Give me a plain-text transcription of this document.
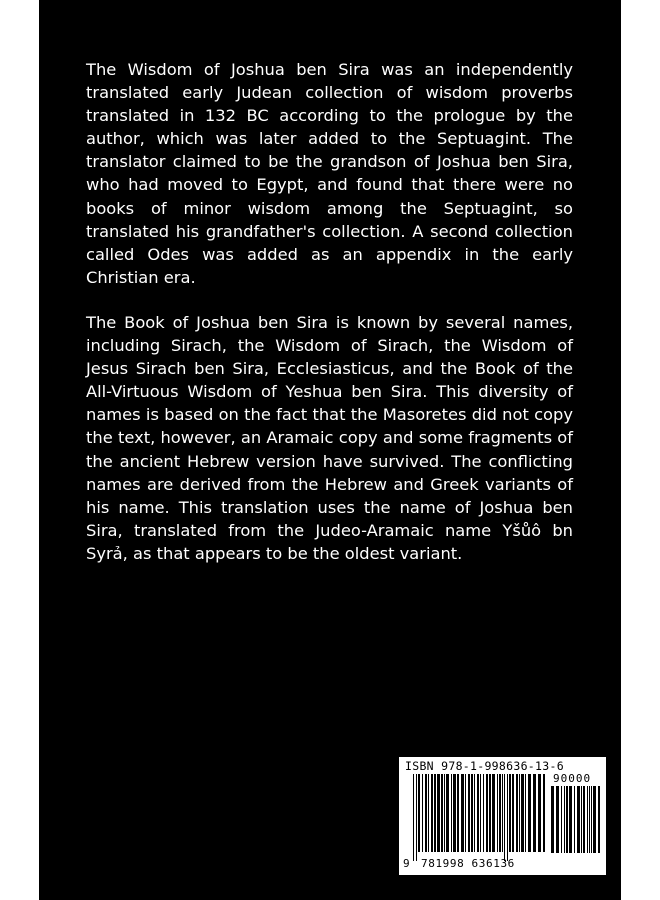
The Wisdom of Joshua ben Sira was an independently translated early Judean collection of wisdom proverbs translated in 132 BC according to the prologue by the author, which was later added to the Septuagint. The translator claimed to be the grandson of Joshua ben Sira, who had moved to Egypt, and found that there were no books of minor wisdom among the Septuagint, so translated his grandfather's collection. A second collection called Odes was added as an appendix in the early Christian era.

The Book of Joshua ben Sira is known by several names, including Sirach, the Wisdom of Sirach, the Wisdom of Jesus Sirach ben Sira, Ecclesiasticus, and the Book of the All-Virtuous Wisdom of Yeshua ben Sira. This diversity of names is based on the fact that the Masoretes did not copy the text, however, an Aramaic copy and some fragments of the ancient Hebrew version have survived. The conflicting names are derived from the Hebrew and Greek variants of his name. This translation uses the name of Joshua ben Sira, translated from the Judeo-Aramaic name Yšůô bn Syrả, as that appears to be the oldest variant.

ISBN 978-1-998636-13-6
90000
9 781998 636136
